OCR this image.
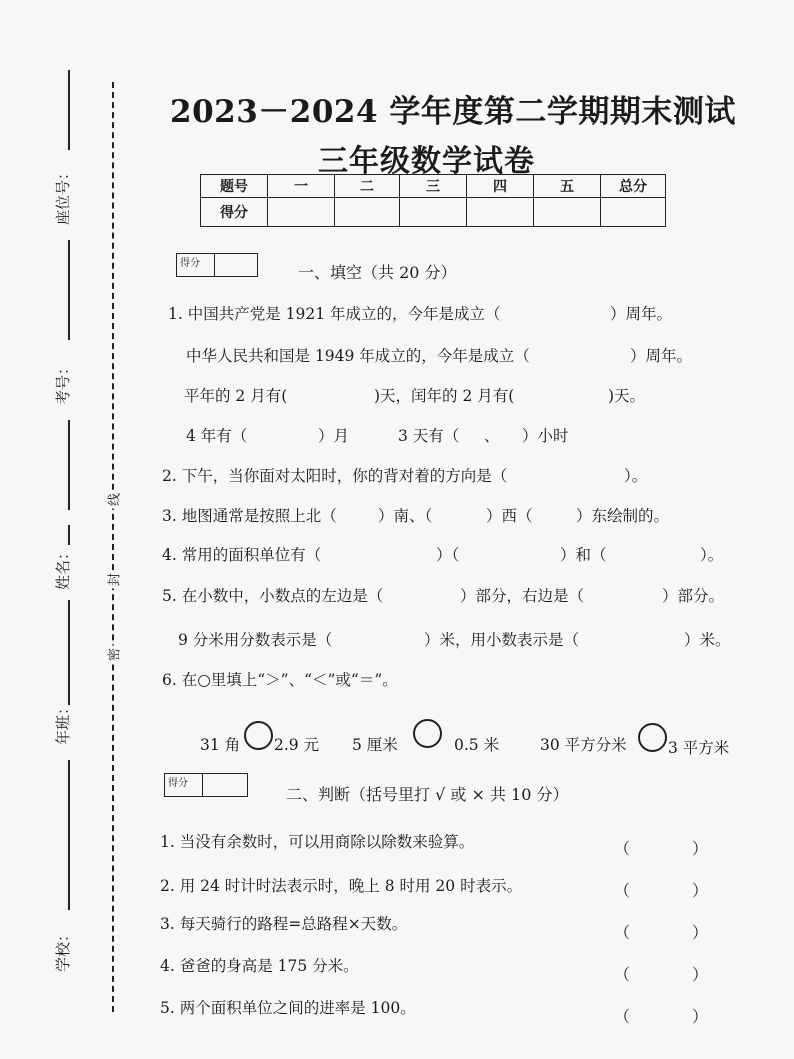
座位号：
考号：
姓名：
年班：
学校：
线
封
密
2023－2024 学年度第二学期期末测试
三年级数学试卷
题号	一	二	三	四	五	总分
得分						
得分	一、填空（共 20 分）
1. 中国共产党是 1921 年成立的，今年是成立（	）周年。
中华人民共和国是 1949 年成立的，今年是成立（	）周年。
平年的 2 月有(	)天，闰年的 2 月有(	)天。
4 年有（	）月	3 天有（ 、 ）小时
2. 下午，当你面对太阳时，你的背对着的方向是（	）。
3. 地图通常是按照上北（	）南、（	）西（	）东绘制的。
4. 常用的面积单位有（	）（	）和（	）。
5. 在小数中，小数点的左边是（	）部分，右边是（	）部分。
9 分米用分数表示是（	）米，用小数表示是（	）米。
6. 在○里填上“＞”、“＜”或“＝”。
31 角 2.9 元 5 厘米	0.5 米	30 平方分米	3 平方米
得分
二、判断（括号里打 √ 或 × 共 10 分）
1. 当没有余数时，可以用商除以除数来验算。	（	）
2. 用 24 时计时法表示时，晚上 8 时用 20 时表示。	（	）
3. 每天骑行的路程=总路程×天数。	（	）
4. 爸爸的身高是 175 分米。	（	）
5. 两个面积单位之间的进率是 100。	（	）
